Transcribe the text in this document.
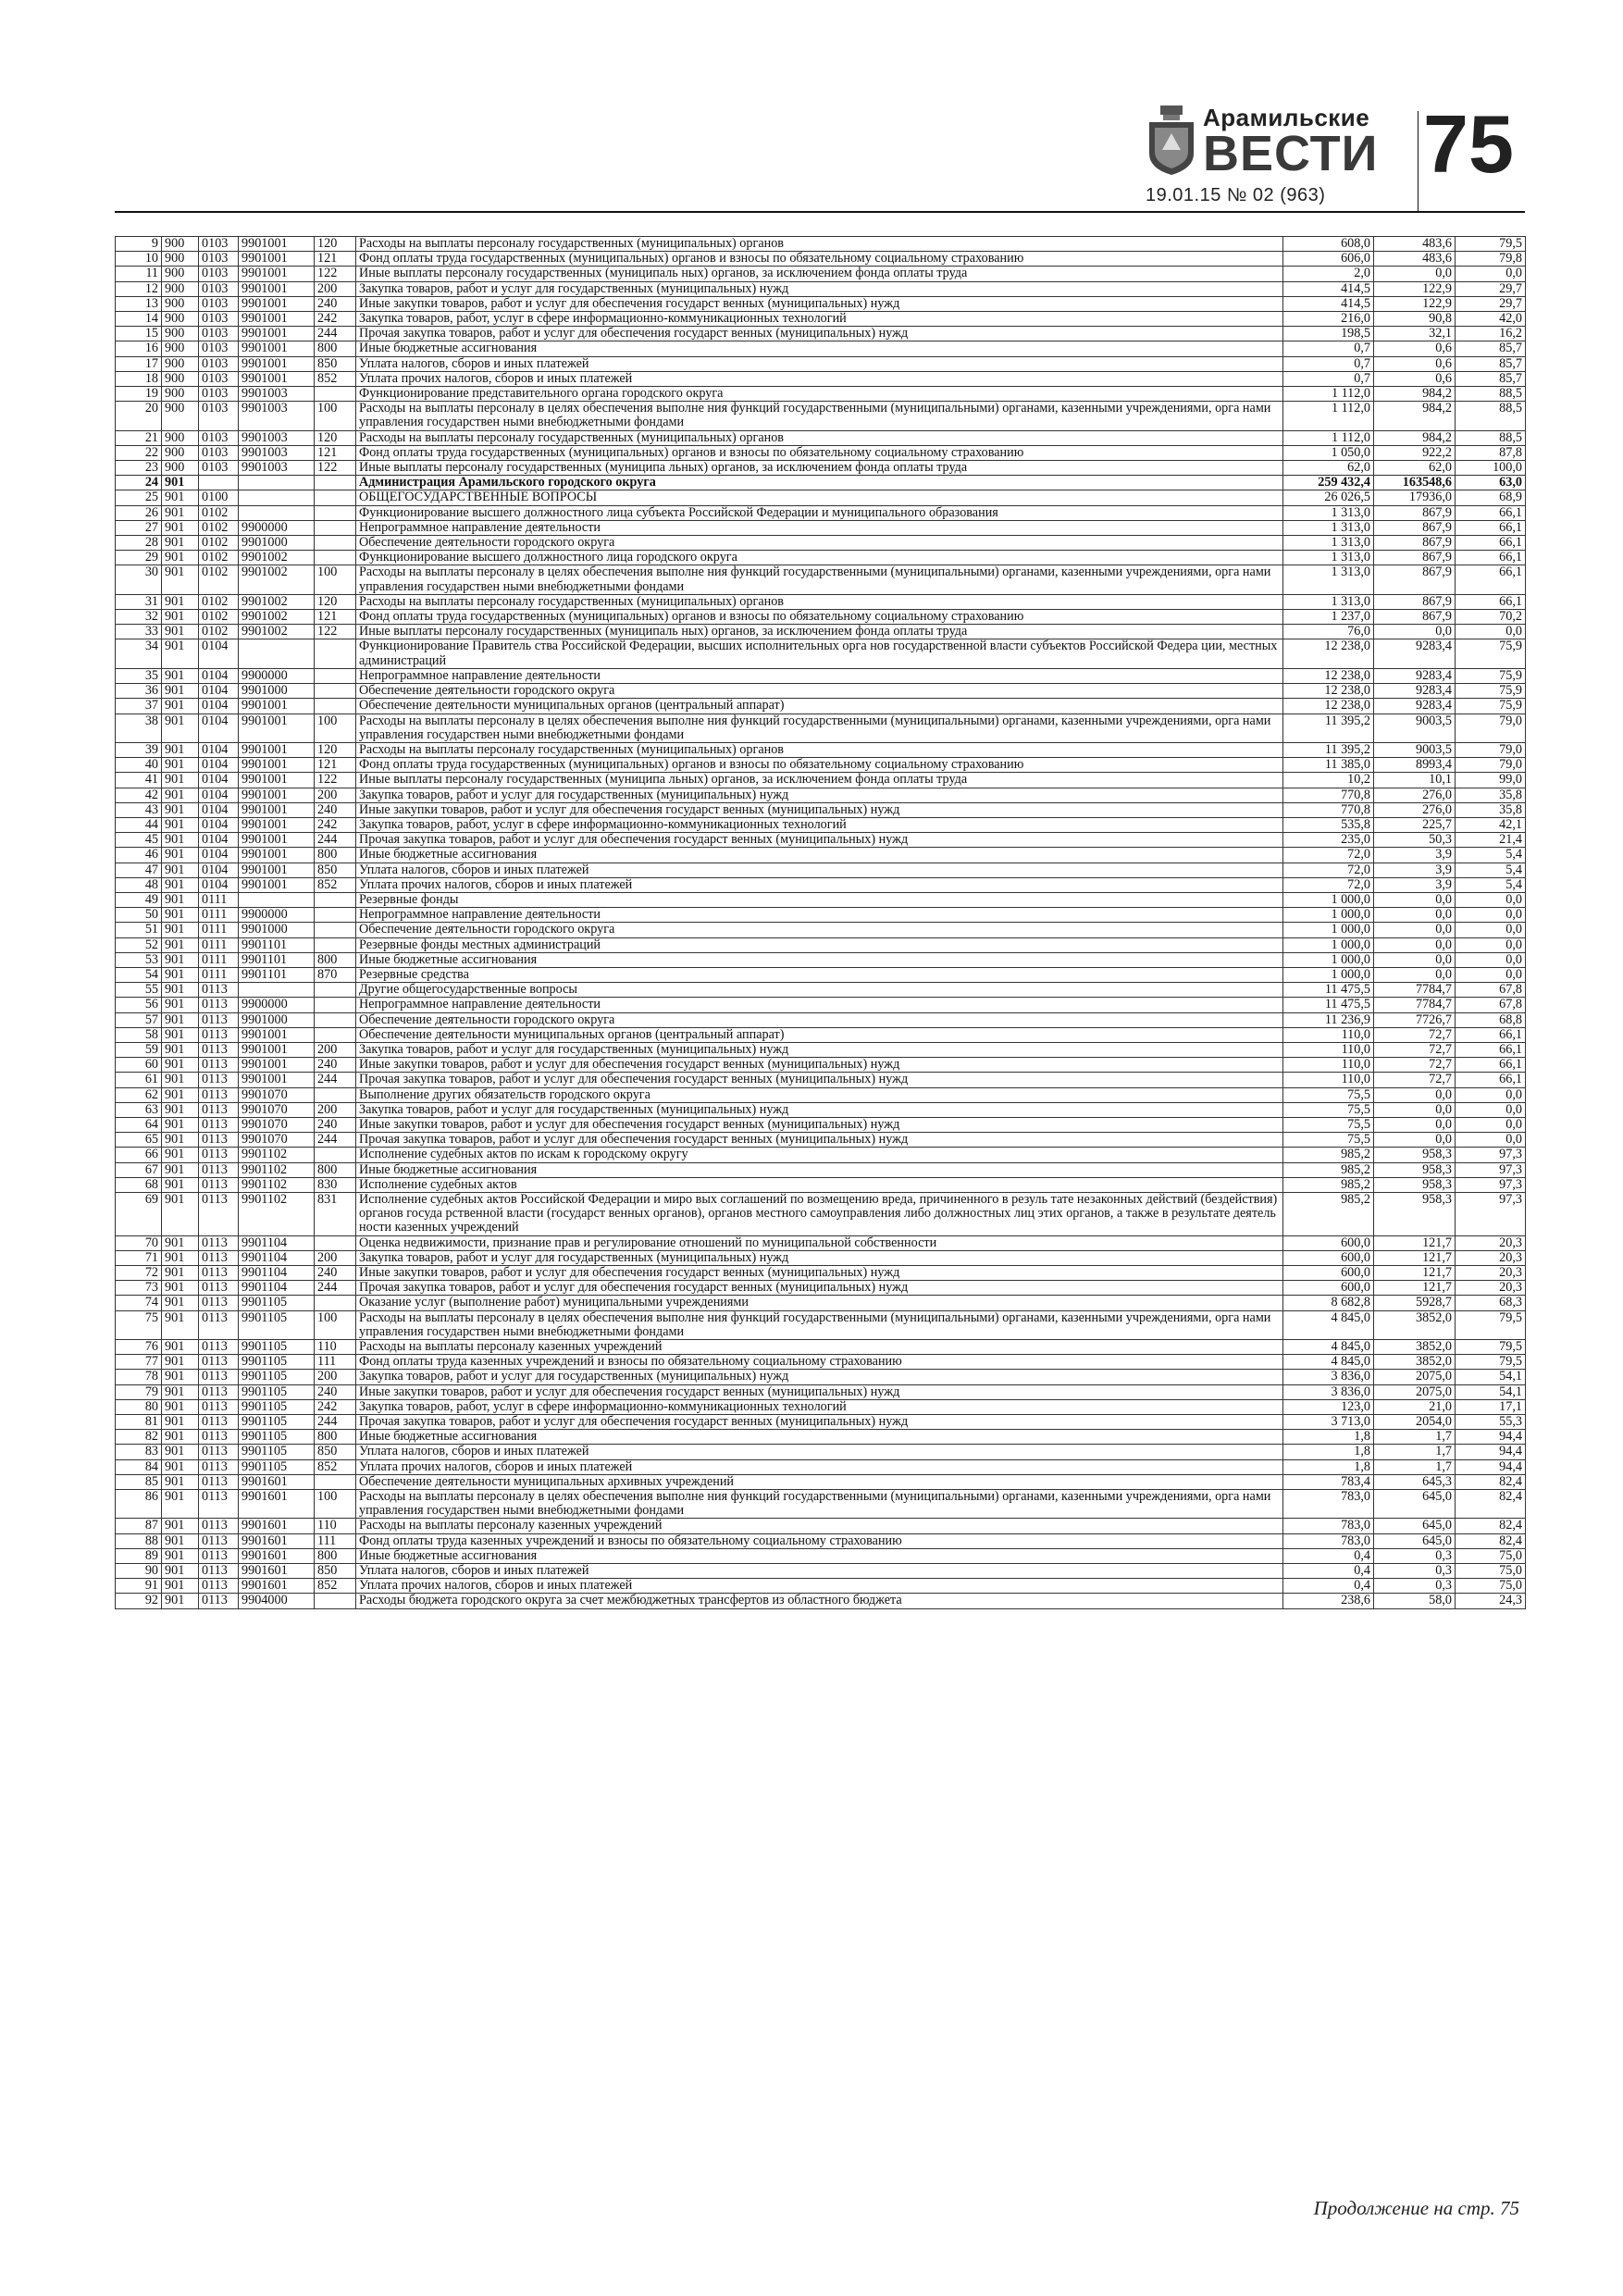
Арамильские
ВЕСТИ 75
19.01.15 № 02 (963)
9	900	0103	9901001	120	Расходы на выплаты персоналу государственных (муниципальных) органов	608,0	483,6	79,5
10	900	0103	9901001	121	Фонд оплаты труда государственных (муниципальных) органов и взносы по обязательному социальному страхованию	606,0	483,6	79,8
11	900	0103	9901001	122	Иные выплаты персоналу государственных (муниципаль ных) органов, за исключением фонда оплаты труда	2,0	0,0	0,0
12	900	0103	9901001	200	Закупка товаров, работ и услуг для государственных (муниципальных) нужд	414,5	122,9	29,7
13	900	0103	9901001	240	Иные закупки товаров, работ и услуг для обеспечения государст венных (муниципальных) нужд	414,5	122,9	29,7
14	900	0103	9901001	242	Закупка товаров, работ, услуг в сфере информационно-коммуникационных технологий	216,0	90,8	42,0
15	900	0103	9901001	244	Прочая закупка товаров, работ и услуг для обеспечения государст венных (муниципальных) нужд	198,5	32,1	16,2
16	900	0103	9901001	800	Иные бюджетные ассигнования	0,7	0,6	85,7
17	900	0103	9901001	850	Уплата налогов, сборов и иных платежей	0,7	0,6	85,7
18	900	0103	9901001	852	Уплата прочих налогов, сборов и иных платежей	0,7	0,6	85,7
19	900	0103	9901003		Функционирование представительного органа городского округа	1 112,0	984,2	88,5
20	900	0103	9901003	100	Расходы на выплаты персоналу в целях обеспечения выполне ния функций государственными (муниципальными) органами, казенными учреждениями, орга нами управления государствен ными внебюджетными фондами	1 112,0	984,2	88,5
21	900	0103	9901003	120	Расходы на выплаты персоналу государственных (муниципальных) органов	1 112,0	984,2	88,5
22	900	0103	9901003	121	Фонд оплаты труда государственных (муниципальных) органов и взносы по обязательному социальному страхованию	1 050,0	922,2	87,8
23	900	0103	9901003	122	Иные выплаты персоналу государственных (муниципа льных) органов, за исключением фонда оплаты труда	62,0	62,0	100,0
24	901				Администрация Арамильского городского округа	259 432,4	163548,6	63,0
25	901	0100			ОБЩЕГОСУДАРСТВЕННЫЕ ВОПРОСЫ	26 026,5	17936,0	68,9
26	901	0102			Функционирование высшего должностного лица субъекта Российской Федерации и муниципального образования	1 313,0	867,9	66,1
27	901	0102	9900000		Непрограммное направление деятельности	1 313,0	867,9	66,1
28	901	0102	9901000		Обеспечение деятельности городского округа	1 313,0	867,9	66,1
29	901	0102	9901002		Функционирование высшего должностного лица городского округа	1 313,0	867,9	66,1
30	901	0102	9901002	100	Расходы на выплаты персоналу в целях обеспечения выполне ния функций государственными (муниципальными) органами, казенными учреждениями, орга нами управления государствен ными внебюджетными фондами	1 313,0	867,9	66,1
31	901	0102	9901002	120	Расходы на выплаты персоналу государственных (муниципальных) органов	1 313,0	867,9	66,1
32	901	0102	9901002	121	Фонд оплаты труда государственных (муниципальных) органов и взносы по обязательному социальному страхованию	1 237,0	867,9	70,2
33	901	0102	9901002	122	Иные выплаты персоналу государственных (муниципаль ных) органов, за исключением фонда оплаты труда	76,0	0,0	0,0
34	901	0104			Функционирование Правитель ства Российской Федерации, высших исполнительных орга нов государственной власти субъектов Российской Федера ции, местных администраций	12 238,0	9283,4	75,9
35	901	0104	9900000		Непрограммное направление деятельности	12 238,0	9283,4	75,9
36	901	0104	9901000		Обеспечение деятельности городского округа	12 238,0	9283,4	75,9
37	901	0104	9901001		Обеспечение деятельности муниципальных органов (центральный аппарат)	12 238,0	9283,4	75,9
38	901	0104	9901001	100	Расходы на выплаты персоналу в целях обеспечения выполне ния функций государственными (муниципальными) органами, казенными учреждениями, орга нами управления государствен ными внебюджетными фондами	11 395,2	9003,5	79,0
39	901	0104	9901001	120	Расходы на выплаты персоналу государственных (муниципальных) органов	11 395,2	9003,5	79,0
40	901	0104	9901001	121	Фонд оплаты труда государственных (муниципальных) органов и взносы по обязательному социальному страхованию	11 385,0	8993,4	79,0
41	901	0104	9901001	122	Иные выплаты персоналу государственных (муниципа льных) органов, за исключением фонда оплаты труда	10,2	10,1	99,0
42	901	0104	9901001	200	Закупка товаров, работ и услуг для государственных (муниципальных) нужд	770,8	276,0	35,8
43	901	0104	9901001	240	Иные закупки товаров, работ и услуг для обеспечения государст венных (муниципальных) нужд	770,8	276,0	35,8
44	901	0104	9901001	242	Закупка товаров, работ, услуг в сфере информационно-коммуникационных технологий	535,8	225,7	42,1
45	901	0104	9901001	244	Прочая закупка товаров, работ и услуг для обеспечения государст венных (муниципальных) нужд	235,0	50,3	21,4
46	901	0104	9901001	800	Иные бюджетные ассигнования	72,0	3,9	5,4
47	901	0104	9901001	850	Уплата налогов, сборов и иных платежей	72,0	3,9	5,4
48	901	0104	9901001	852	Уплата прочих налогов, сборов и иных платежей	72,0	3,9	5,4
49	901	0111			Резервные фонды	1 000,0	0,0	0,0
50	901	0111	9900000		Непрограммное направление деятельности	1 000,0	0,0	0,0
51	901	0111	9901000		Обеспечение деятельности городского округа	1 000,0	0,0	0,0
52	901	0111	9901101		Резервные фонды местных администраций	1 000,0	0,0	0,0
53	901	0111	9901101	800	Иные бюджетные ассигнования	1 000,0	0,0	0,0
54	901	0111	9901101	870	Резервные средства	1 000,0	0,0	0,0
55	901	0113			Другие общегосударственные вопросы	11 475,5	7784,7	67,8
56	901	0113	9900000		Непрограммное направление деятельности	11 475,5	7784,7	67,8
57	901	0113	9901000		Обеспечение деятельности городского округа	11 236,9	7726,7	68,8
58	901	0113	9901001		Обеспечение деятельности муниципальных органов (центральный аппарат)	110,0	72,7	66,1
59	901	0113	9901001	200	Закупка товаров, работ и услуг для государственных (муниципальных) нужд	110,0	72,7	66,1
60	901	0113	9901001	240	Иные закупки товаров, работ и услуг для обеспечения государст венных (муниципальных) нужд	110,0	72,7	66,1
61	901	0113	9901001	244	Прочая закупка товаров, работ и услуг для обеспечения государст венных (муниципальных) нужд	110,0	72,7	66,1
62	901	0113	9901070		Выполнение других обязательств городского округа	75,5	0,0	0,0
63	901	0113	9901070	200	Закупка товаров, работ и услуг для государственных (муниципальных) нужд	75,5	0,0	0,0
64	901	0113	9901070	240	Иные закупки товаров, работ и услуг для обеспечения государст венных (муниципальных) нужд	75,5	0,0	0,0
65	901	0113	9901070	244	Прочая закупка товаров, работ и услуг для обеспечения государст венных (муниципальных) нужд	75,5	0,0	0,0
66	901	0113	9901102		Исполнение судебных актов по искам к городскому округу	985,2	958,3	97,3
67	901	0113	9901102	800	Иные бюджетные ассигнования	985,2	958,3	97,3
68	901	0113	9901102	830	Исполнение судебных актов	985,2	958,3	97,3
69	901	0113	9901102	831	Исполнение судебных актов Российской Федерации и миро вых соглашений по возмещению вреда, причиненного в резуль тате незаконных действий (бездействия) органов госуда рственной власти (государст венных органов), органов местного самоуправления либо должностных лиц этих органов, а также в результате деятель ности казенных учреждений	985,2	958,3	97,3
70	901	0113	9901104		Оценка недвижимости, признание прав и регулирование отношений по муниципальной собственности	600,0	121,7	20,3
71	901	0113	9901104	200	Закупка товаров, работ и услуг для государственных (муниципальных) нужд	600,0	121,7	20,3
72	901	0113	9901104	240	Иные закупки товаров, работ и услуг для обеспечения государст венных (муниципальных) нужд	600,0	121,7	20,3
73	901	0113	9901104	244	Прочая закупка товаров, работ и услуг для обеспечения государст венных (муниципальных) нужд	600,0	121,7	20,3
74	901	0113	9901105		Оказание услуг (выполнение работ) муниципальными учреждениями	8 682,8	5928,7	68,3
75	901	0113	9901105	100	Расходы на выплаты персоналу в целях обеспечения выполне ния функций государственными (муниципальными) органами, казенными учреждениями, орга нами управления государствен ными внебюджетными фондами	4 845,0	3852,0	79,5
76	901	0113	9901105	110	Расходы на выплаты персоналу казенных учреждений	4 845,0	3852,0	79,5
77	901	0113	9901105	111	Фонд оплаты труда казенных учреждений и взносы по обязательному социальному страхованию	4 845,0	3852,0	79,5
78	901	0113	9901105	200	Закупка товаров, работ и услуг для государственных (муниципальных) нужд	3 836,0	2075,0	54,1
79	901	0113	9901105	240	Иные закупки товаров, работ и услуг для обеспечения государст венных (муниципальных) нужд	3 836,0	2075,0	54,1
80	901	0113	9901105	242	Закупка товаров, работ, услуг в сфере информационно-коммуникационных технологий	123,0	21,0	17,1
81	901	0113	9901105	244	Прочая закупка товаров, работ и услуг для обеспечения государст венных (муниципальных) нужд	3 713,0	2054,0	55,3
82	901	0113	9901105	800	Иные бюджетные ассигнования	1,8	1,7	94,4
83	901	0113	9901105	850	Уплата налогов, сборов и иных платежей	1,8	1,7	94,4
84	901	0113	9901105	852	Уплата прочих налогов, сборов и иных платежей	1,8	1,7	94,4
85	901	0113	9901601		Обеспечение деятельности муниципальных архивных учреждений	783,4	645,3	82,4
86	901	0113	9901601	100	Расходы на выплаты персоналу в целях обеспечения выполне ния функций государственными (муниципальными) органами, казенными учреждениями, орга нами управления государствен ными внебюджетными фондами	783,0	645,0	82,4
87	901	0113	9901601	110	Расходы на выплаты персоналу казенных учреждений	783,0	645,0	82,4
88	901	0113	9901601	111	Фонд оплаты труда казенных учреждений и взносы по обязательному социальному страхованию	783,0	645,0	82,4
89	901	0113	9901601	800	Иные бюджетные ассигнования	0,4	0,3	75,0
90	901	0113	9901601	850	Уплата налогов, сборов и иных платежей	0,4	0,3	75,0
91	901	0113	9901601	852	Уплата прочих налогов, сборов и иных платежей	0,4	0,3	75,0
92	901	0113	9904000		Расходы бюджета городского округа за счет межбюджетных трансфертов из областного бюджета	238,6	58,0	24,3
Продолжение на стр. 75
